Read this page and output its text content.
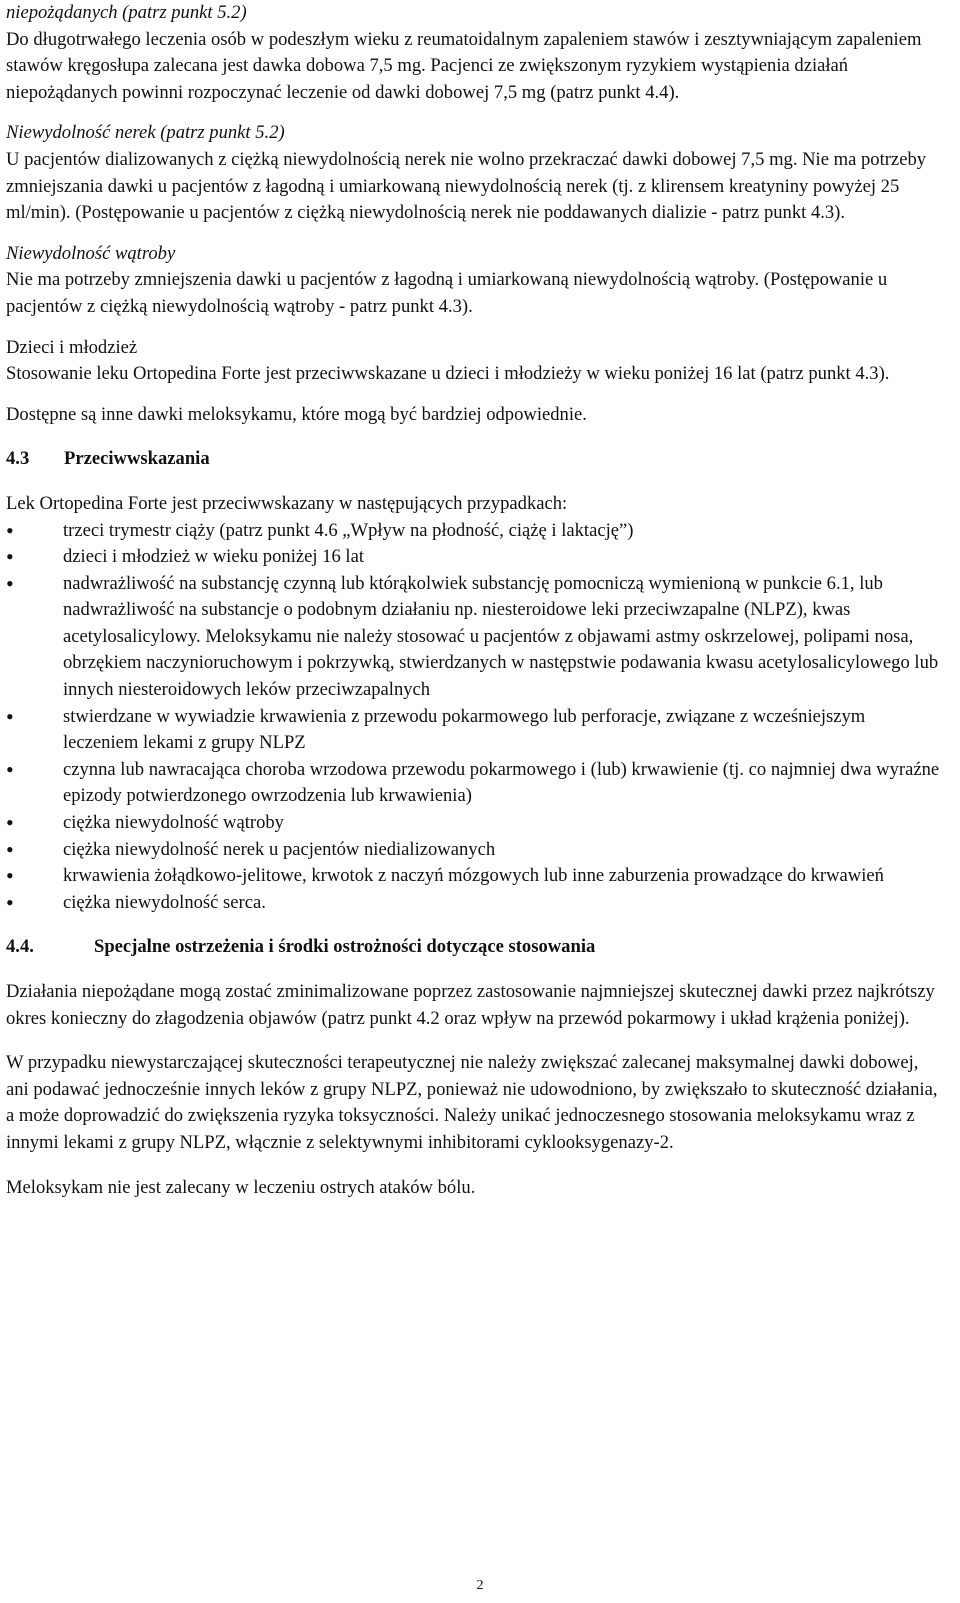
niepożądanych (patrz punkt 5.2)

Do długotrwałego leczenia osób w podeszłym wieku z reumatoidalnym zapaleniem stawów i zesztywniającym zapaleniem stawów kręgosłupa zalecana jest dawka dobowa 7,5 mg. Pacjenci ze zwiększonym ryzykiem wystąpienia działań niepożądanych powinni rozpoczynać leczenie od dawki dobowej 7,5 mg (patrz punkt 4.4).

Niewydolność nerek (patrz punkt 5.2)

U pacjentów dializowanych z ciężką niewydolnością nerek nie wolno przekraczać dawki dobowej 7,5 mg. Nie ma potrzeby zmniejszania dawki u pacjentów z łagodną i umiarkowaną niewydolnością nerek (tj. z klirensem kreatyniny powyżej 25 ml/min). (Postępowanie u pacjentów z ciężką niewydolnością nerek nie poddawanych dializie - patrz punkt 4.3).

Niewydolność wątroby

Nie ma potrzeby zmniejszenia dawki u pacjentów z łagodną i umiarkowaną niewydolnością wątroby. (Postępowanie u pacjentów z ciężką niewydolnością wątroby - patrz punkt 4.3).

Dzieci i młodzież

Stosowanie leku Ortopedina Forte jest przeciwwskazane u dzieci i młodzieży w wieku poniżej 16 lat (patrz punkt 4.3).

Dostępne są inne dawki meloksykamu, które mogą być bardziej odpowiednie.

4.3	Przeciwwskazania

Lek Ortopedina Forte jest przeciwwskazany w następujących przypadkach:

• trzeci trymestr ciąży (patrz punkt 4.6 „Wpływ na płodność, ciążę i laktację”)
• dzieci i młodzież w wieku poniżej 16 lat
• nadwrażliwość na substancję czynną lub którąkolwiek substancję pomocniczą wymienioną w punkcie 6.1, lub nadwrażliwość na substancje o podobnym działaniu np. niesteroidowe leki przeciwzapalne (NLPZ), kwas acetylosalicylowy. Meloksykamu nie należy stosować u pacjentów z objawami astmy oskrzelowej, polipami nosa, obrzękiem naczynioruchowym i pokrzywką, stwierdzanych w następstwie podawania kwasu acetylosalicylowego lub innych niesteroidowych leków przeciwzapalnych
• stwierdzane w wywiadzie krwawienia z przewodu pokarmowego lub perforacje, związane z wcześniejszym leczeniem lekami z grupy NLPZ
• czynna lub nawracająca choroba wrzodowa przewodu pokarmowego i (lub) krwawienie (tj. co najmniej dwa wyraźne epizody potwierdzonego owrzodzenia lub krwawienia)
• ciężka niewydolność wątroby
• ciężka niewydolność nerek u pacjentów niedializowanych
• krwawienia żołądkowo-jelitowe, krwotok z naczyń mózgowych lub inne zaburzenia prowadzące do krwawień
• ciężka niewydolność serca.

4.4.	Specjalne ostrzeżenia i środki ostrożności dotyczące stosowania

Działania niepożądane mogą zostać zminimalizowane poprzez zastosowanie najmniejszej skutecznej dawki przez najkrótszy okres konieczny do złagodzenia objawów (patrz punkt 4.2 oraz wpływ na przewód pokarmowy i układ krążenia poniżej).

W przypadku niewystarczającej skuteczności terapeutycznej nie należy zwiększać zalecanej maksymalnej dawki dobowej, ani podawać jednocześnie innych leków z grupy NLPZ, ponieważ nie udowodniono, by zwiększało to skuteczność działania, a może doprowadzić do zwiększenia ryzyka toksyczności. Należy unikać jednoczesnego stosowania meloksykamu wraz z innymi lekami z grupy NLPZ, włącznie z selektywnymi inhibitorami cyklooksygenazy-2.

Meloksykam nie jest zalecany w leczeniu ostrych ataków bólu.

2
